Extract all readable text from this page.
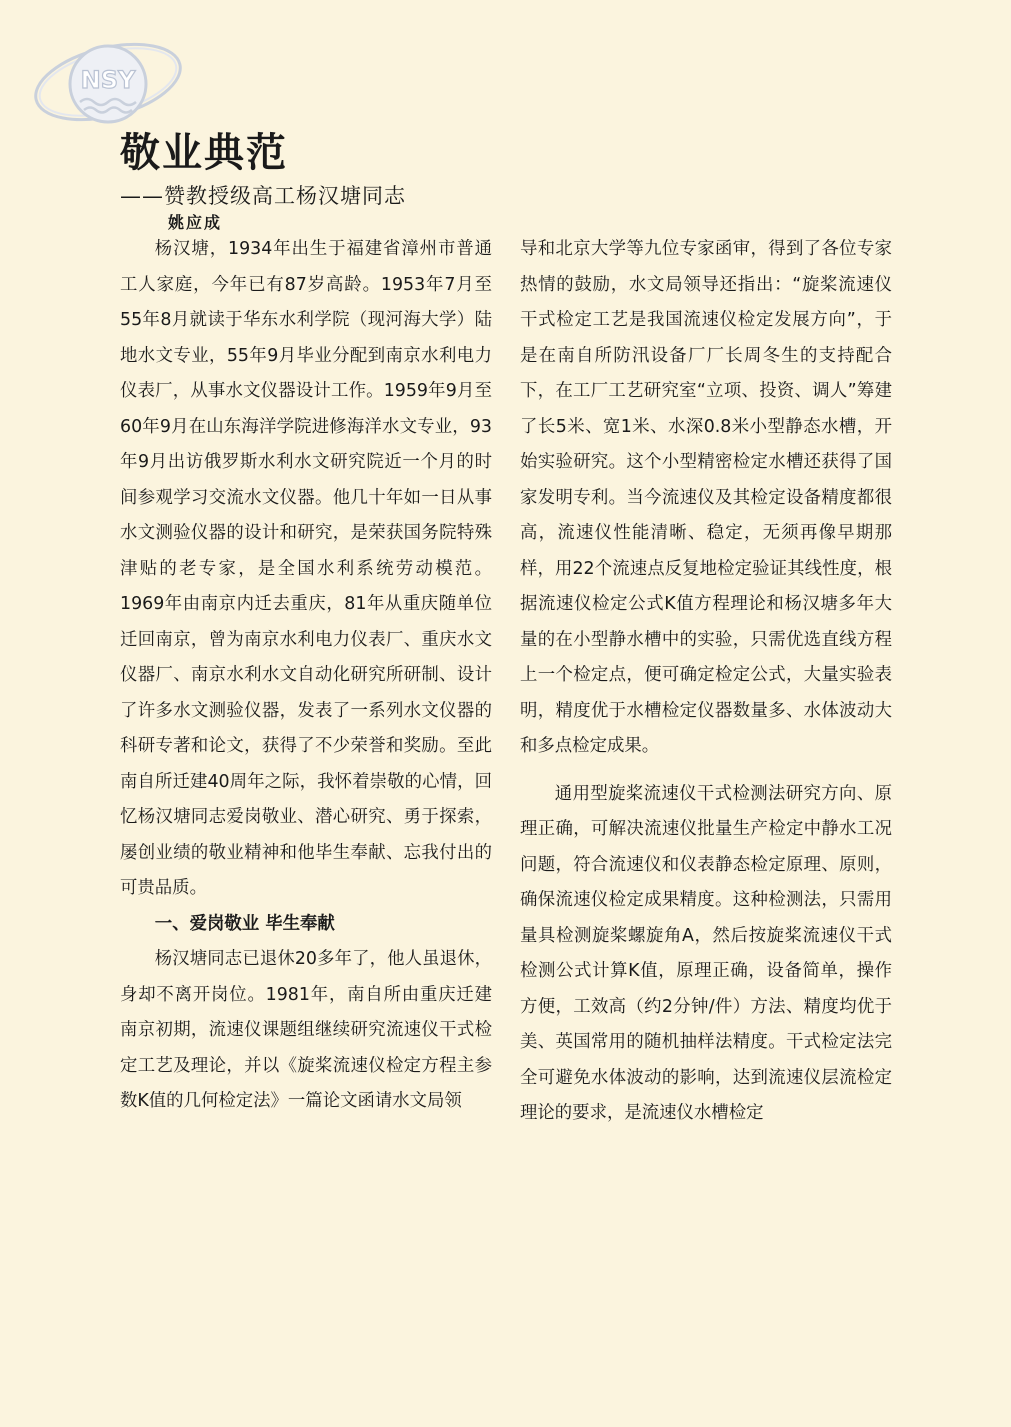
NSY
敬业典范
——赞教授级高工杨汉塘同志
姚应成

杨汉塘，1934年出生于福建省漳州市普通工人家庭，今年已有87岁高龄。1953年7月至55年8月就读于华东水利学院（现河海大学）陆地水文专业，55年9月毕业分配到南京水利电力仪表厂，从事水文仪器设计工作。1959年9月至60年9月在山东海洋学院进修海洋水文专业，93年9月出访俄罗斯水利水文研究院近一个月的时间参观学习交流水文仪器。他几十年如一日从事水文测验仪器的设计和研究，是荣获国务院特殊津贴的老专家，是全国水利系统劳动模范。1969年由南京内迁去重庆，81年从重庆随单位迁回南京，曾为南京水利电力仪表厂、重庆水文仪器厂、南京水利水文自动化研究所研制、设计了许多水文测验仪器，发表了一系列水文仪器的科研专著和论文，获得了不少荣誉和奖励。至此南自所迁建40周年之际，我怀着崇敬的心情，回忆杨汉塘同志爱岗敬业、潜心研究、勇于探索，屡创业绩的敬业精神和他毕生奉献、忘我付出的可贵品质。

一、爱岗敬业 毕生奉献

杨汉塘同志已退休20多年了，他人虽退休，身却不离开岗位。1981年，南自所由重庆迁建南京初期，流速仪课题组继续研究流速仪干式检定工艺及理论，并以《旋桨流速仪检定方程主参数K值的几何检定法》一篇论文函请水文局领

导和北京大学等九位专家函审，得到了各位专家热情的鼓励，水文局领导还指出：“旋桨流速仪干式检定工艺是我国流速仪检定发展方向”，于是在南自所防汛设备厂厂长周冬生的支持配合下，在工厂工艺研究室“立项、投资、调人”筹建了长5米、宽1米、水深0.8米小型静态水槽，开始实验研究。这个小型精密检定水槽还获得了国家发明专利。当今流速仪及其检定设备精度都很高，流速仪性能清晰、稳定，无须再像早期那样，用22个流速点反复地检定验证其线性度，根据流速仪检定公式K值方程理论和杨汉塘多年大量的在小型静水槽中的实验，只需优选直线方程上一个检定点，便可确定检定公式，大量实验表明，精度优于水槽检定仪器数量多、水体波动大和多点检定成果。

通用型旋桨流速仪干式检测法研究方向、原理正确，可解决流速仪批量生产检定中静水工况问题，符合流速仪和仪表静态检定原理、原则，确保流速仪检定成果精度。这种检测法，只需用量具检测旋桨螺旋角A，然后按旋桨流速仪干式检测公式计算K值，原理正确，设备简单，操作方便，工效高（约2分钟/件）方法、精度均优于美、英国常用的随机抽样法精度。干式检定法完全可避免水体波动的影响，达到流速仪层流检定理论的要求，是流速仪水槽检定
